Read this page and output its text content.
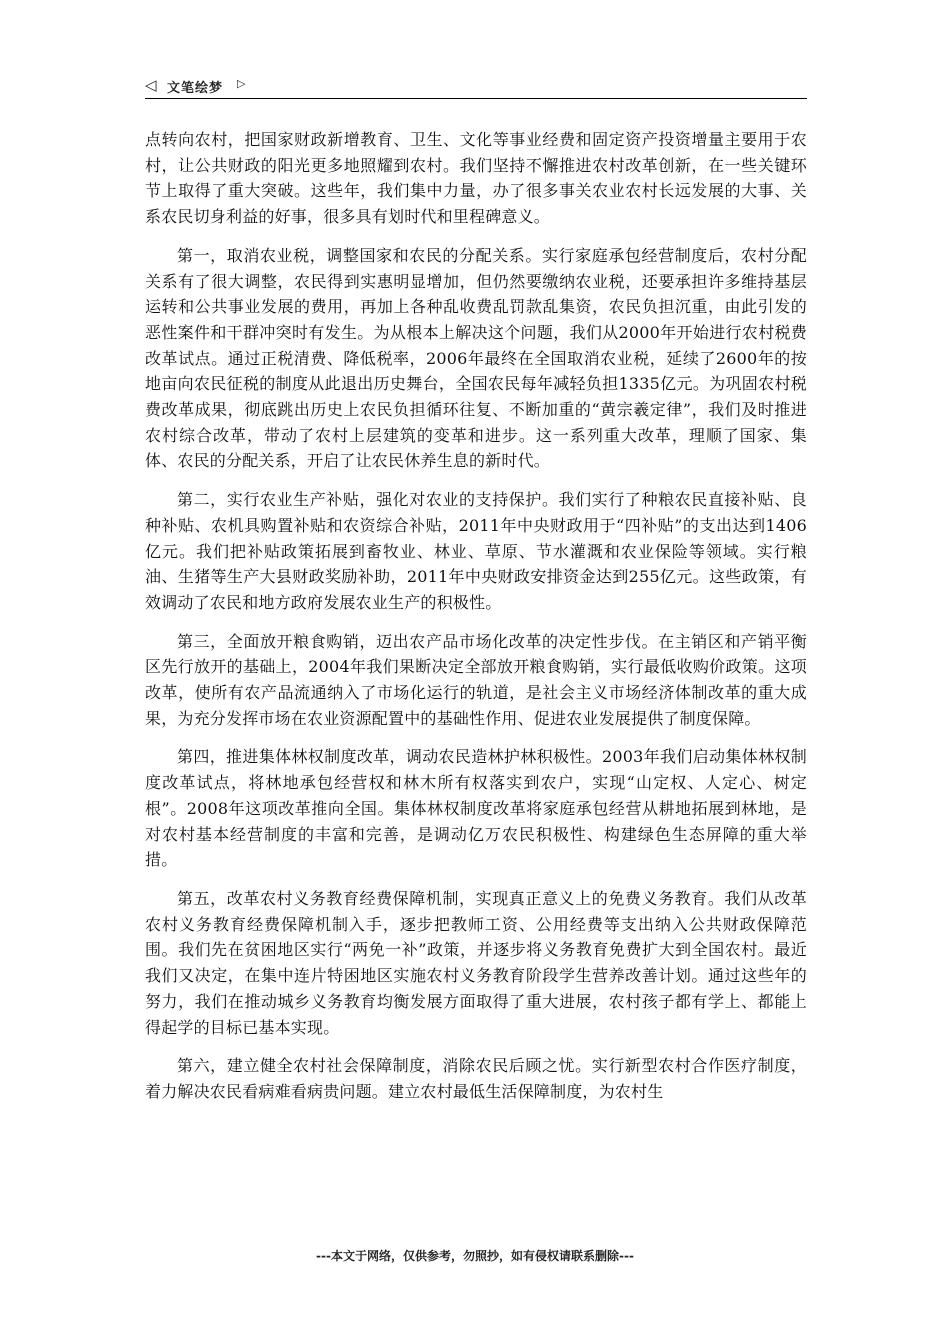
◁ 文笔绘梦 ▷

点转向农村，把国家财政新增教育、卫生、文化等事业经费和固定资产投资增量主要用于农村，让公共财政的阳光更多地照耀到农村。我们坚持不懈推进农村改革创新，在一些关键环节上取得了重大突破。这些年，我们集中力量，办了很多事关农业农村长远发展的大事、关系农民切身利益的好事，很多具有划时代和里程碑意义。

第一，取消农业税，调整国家和农民的分配关系。实行家庭承包经营制度后，农村分配关系有了很大调整，农民得到实惠明显增加，但仍然要缴纳农业税，还要承担许多维持基层运转和公共事业发展的费用，再加上各种乱收费乱罚款乱集资，农民负担沉重，由此引发的恶性案件和干群冲突时有发生。为从根本上解决这个问题，我们从2000年开始进行农村税费改革试点。通过正税清费、降低税率，2006年最终在全国取消农业税，延续了2600年的按地亩向农民征税的制度从此退出历史舞台，全国农民每年减轻负担1335亿元。为巩固农村税费改革成果，彻底跳出历史上农民负担循环往复、不断加重的“黄宗羲定律”，我们及时推进农村综合改革，带动了农村上层建筑的变革和进步。这一系列重大改革，理顺了国家、集体、农民的分配关系，开启了让农民休养生息的新时代。

第二，实行农业生产补贴，强化对农业的支持保护。我们实行了种粮农民直接补贴、良种补贴、农机具购置补贴和农资综合补贴，2011年中央财政用于“四补贴”的支出达到1406亿元。我们把补贴政策拓展到畜牧业、林业、草原、节水灌溉和农业保险等领域。实行粮油、生猪等生产大县财政奖励补助，2011年中央财政安排资金达到255亿元。这些政策，有效调动了农民和地方政府发展农业生产的积极性。

第三，全面放开粮食购销，迈出农产品市场化改革的决定性步伐。在主销区和产销平衡区先行放开的基础上，2004年我们果断决定全部放开粮食购销，实行最低收购价政策。这项改革，使所有农产品流通纳入了市场化运行的轨道，是社会主义市场经济体制改革的重大成果，为充分发挥市场在农业资源配置中的基础性作用、促进农业发展提供了制度保障。

第四，推进集体林权制度改革，调动农民造林护林积极性。2003年我们启动集体林权制度改革试点，将林地承包经营权和林木所有权落实到农户，实现“山定权、人定心、树定根”。2008年这项改革推向全国。集体林权制度改革将家庭承包经营从耕地拓展到林地，是对农村基本经营制度的丰富和完善，是调动亿万农民积极性、构建绿色生态屏障的重大举措。

第五，改革农村义务教育经费保障机制，实现真正意义上的免费义务教育。我们从改革农村义务教育经费保障机制入手，逐步把教师工资、公用经费等支出纳入公共财政保障范围。我们先在贫困地区实行“两免一补”政策，并逐步将义务教育免费扩大到全国农村。最近我们又决定，在集中连片特困地区实施农村义务教育阶段学生营养改善计划。通过这些年的努力，我们在推动城乡义务教育均衡发展方面取得了重大进展，农村孩子都有学上、都能上得起学的目标已基本实现。

第六，建立健全农村社会保障制度，消除农民后顾之忧。实行新型农村合作医疗制度，着力解决农民看病难看病贵问题。建立农村最低生活保障制度，为农村生

---本文于网络，仅供参考，勿照抄，如有侵权请联系删除---
